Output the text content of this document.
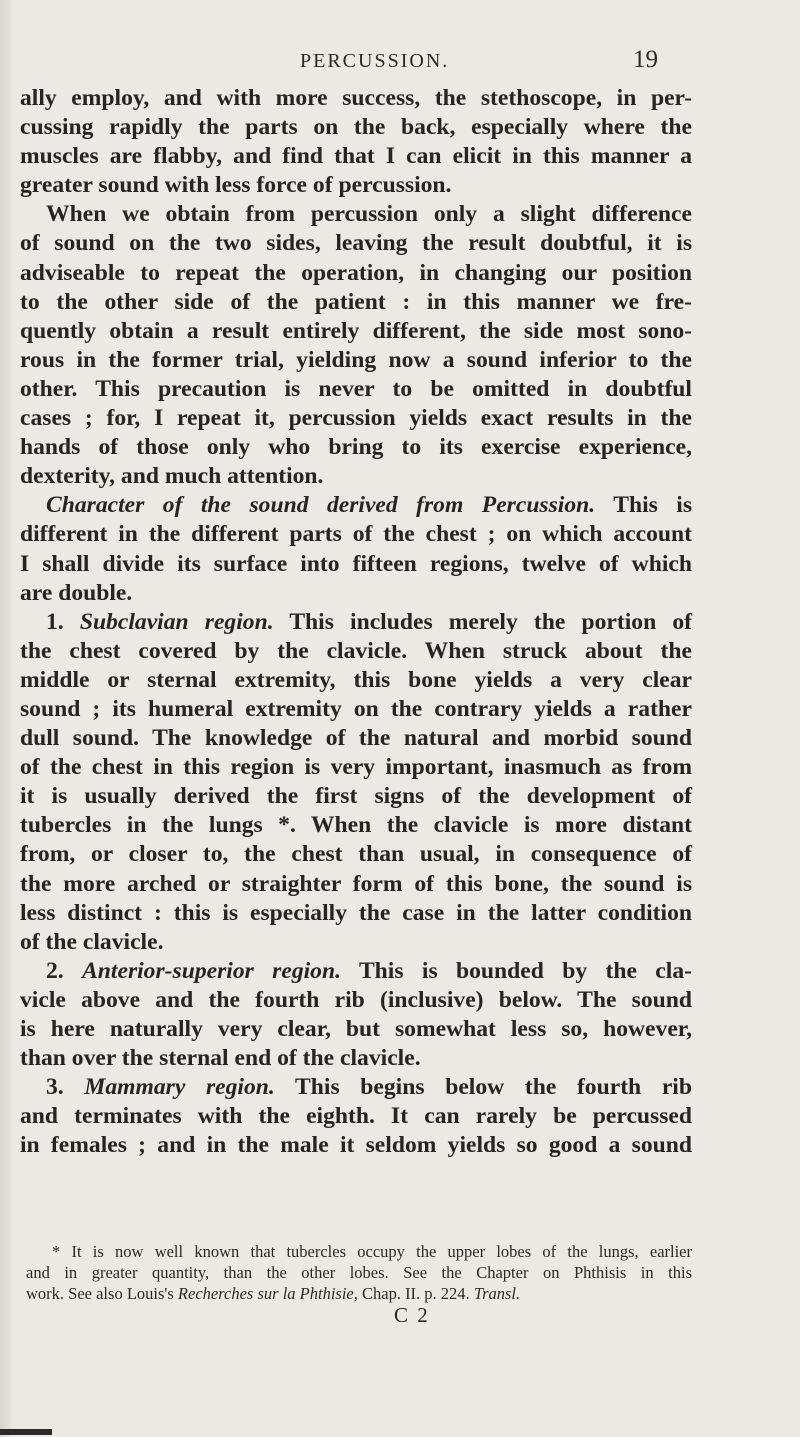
PERCUSSION.	19
ally employ, and with more success, the stethoscope, in per-
cussing rapidly the parts on the back, especially where the
muscles are flabby, and find that I can elicit in this manner a
greater sound with less force of percussion.
When we obtain from percussion only a slight difference
of sound on the two sides, leaving the result doubtful, it is
adviseable to repeat the operation, in changing our position
to the other side of the patient : in this manner we fre-
quently obtain a result entirely different, the side most sono-
rous in the former trial, yielding now a sound inferior to the
other. This precaution is never to be omitted in doubtful
cases ; for, I repeat it, percussion yields exact results in the
hands of those only who bring to its exercise experience,
dexterity, and much attention.
Character of the sound derived from Percussion. This is
different in the different parts of the chest ; on which account
I shall divide its surface into fifteen regions, twelve of which
are double.
1. Subclavian region. This includes merely the portion of
the chest covered by the clavicle. When struck about the
middle or sternal extremity, this bone yields a very clear
sound ; its humeral extremity on the contrary yields a rather
dull sound. The knowledge of the natural and morbid sound
of the chest in this region is very important, inasmuch as from
it is usually derived the first signs of the development of
tubercles in the lungs *. When the clavicle is more distant
from, or closer to, the chest than usual, in consequence of
the more arched or straighter form of this bone, the sound is
less distinct : this is especially the case in the latter condition
of the clavicle.
2. Anterior-superior region. This is bounded by the cla-
vicle above and the fourth rib (inclusive) below. The sound
is here naturally very clear, but somewhat less so, however,
than over the sternal end of the clavicle.
3. Mammary region. This begins below the fourth rib
and terminates with the eighth. It can rarely be percussed
in females ; and in the male it seldom yields so good a sound
* It is now well known that tubercles occupy the upper lobes of the lungs, earlier
and in greater quantity, than the other lobes. See the Chapter on Phthisis in this
work. See also Louis's Recherches sur la Phthisie, Chap. II. p. 224. Transl.
C 2
